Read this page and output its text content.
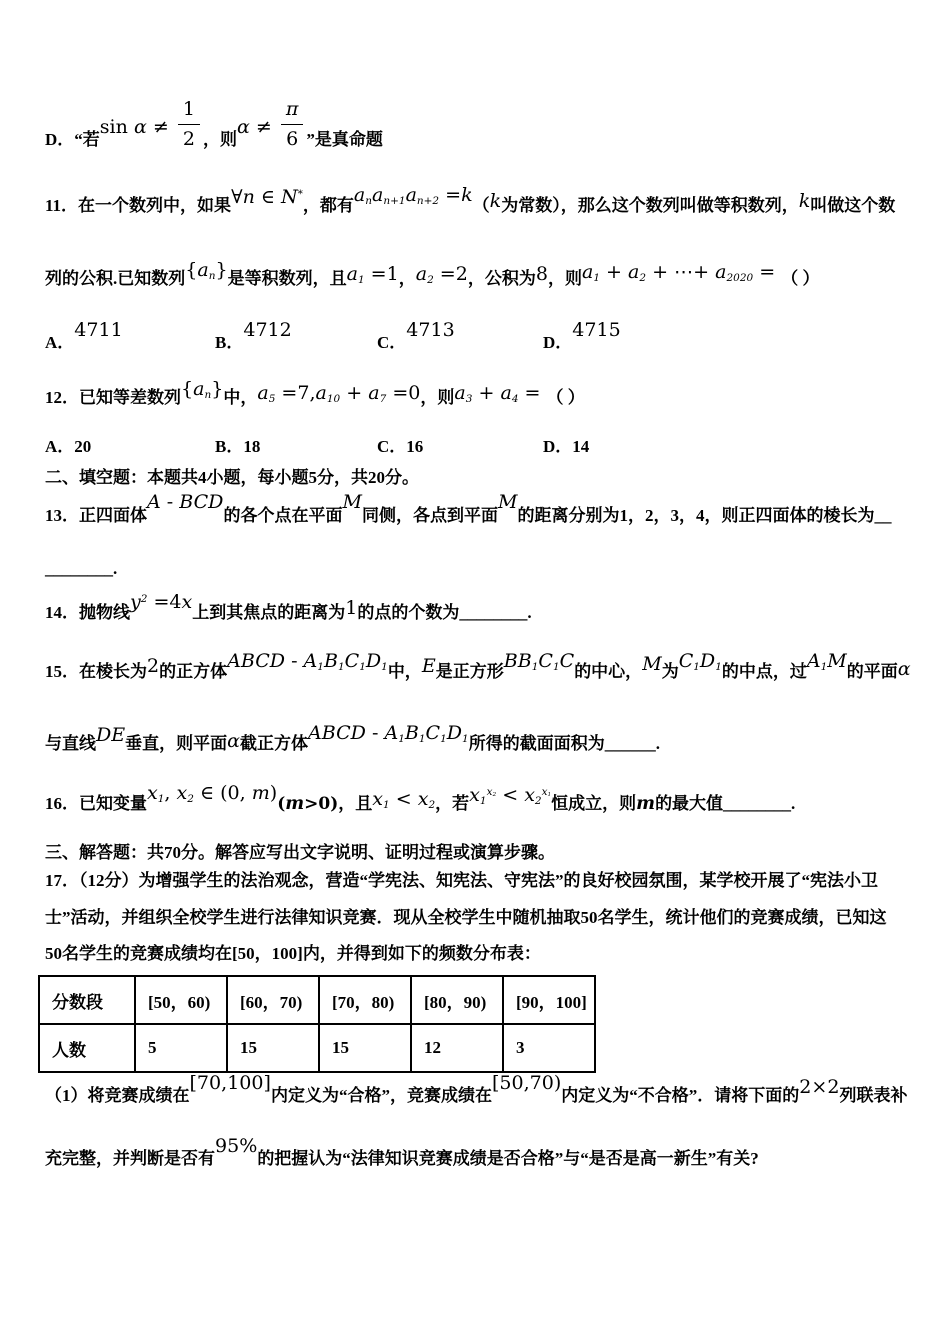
D．“若$\sin \alpha \ne \frac{1}{2}$ ，则$\alpha \ne \frac{\pi}{6}$ ”是真命题
11．在一个数列中，如果∀n ∈ N*，都有$a_na_{n+1}a_{n+2} =k(k$为常数），那么这个数列叫做等积数列，k叫做这个数
列的公积.已知数列$\{a_n\}$是等积数列，且$a_1 =1$，$a_2 =2$，公积为8，则$a_1 + a_2$ + ⋯+ $a_{2020}$ = （ ）
A．4711
B．4712
C．4713
D．4715
12．已知等差数列$\{a_n\}$中，$a_5 =7,a_{10} + a_7 =0$，则$a_3 + a_4$ = （ ）
A．20	B．18	C．16	D．14
二、填空题：本题共4小题，每小题5分，共20分。
13．正四面体A - BCD的各个点在平面M同侧，各点到平面M的距离分别为1，2，3，4，则正四面体的棱长为__
________.
14．抛物线$y^2 =4x$上到其焦点的距离为1的点的个数为________.
15．在棱长为2的正方体ABCD - $A_1B_1C_1D_1$中，E是正方形$BB_1C_1C$的中心，M为$C_1D_1$的中点，过$A_1M$的平面α
与直线DE垂直，则平面α截正方体ABCD - $A_1B_1C_1D_1$所得的截面面积为______.
16．已知变量$x_1$, $x_2$ ∈ (0, m)(m>0)，且$x_1 < x_2$，若$x_1^{x_2} < x_2^{x_1}$恒成立，则m的最大值________.
三、解答题：共70分。解答应写出文字说明、证明过程或演算步骤。
17．（12分）为增强学生的法治观念，营造“学宪法、知宪法、守宪法”的良好校园氛围，某学校开展了“宪法小卫
士”活动，并组织全校学生进行法律知识竞赛．现从全校学生中随机抽取50名学生，统计他们的竞赛成绩，已知这
50名学生的竞赛成绩均在[50，100]内，并得到如下的频数分布表：
（1）将竞赛成绩在[70,100]内定义为“合格”，竞赛成绩在[50,70)内定义为“不合格”．请将下面的2×2列联表补
充完整，并判断是否有95%的把握认为“法律知识竞赛成绩是否合格”与“是否是高一新生”有关?
分数段	[50，60)	[60，70)	[70，80)	[80，90)	[90，100]
人数	5	15	15	12	3
